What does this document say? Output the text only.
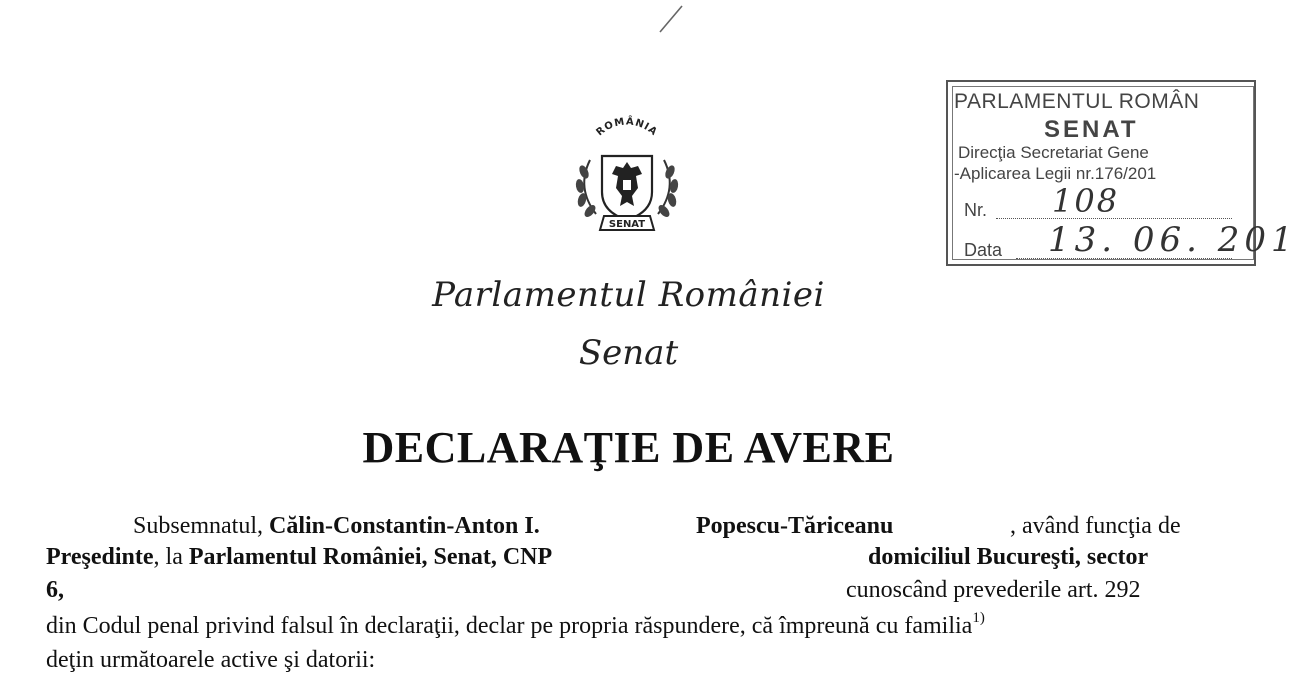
PARLAMENTUL ROMÂN
SENAT
Direcţia Secretariat Gene
-Aplicarea Legii nr.176/201
Nr. 108
Data 13. 06. 201
ROMÂNIA
SENAT
Parlamentul României
Senat
DECLARAŢIE DE AVERE
Subsemnatul, Călin-Constantin-Anton I.	Popescu-Tăriceanu	, având funcţia de
Preşedinte, la Parlamentul României, Senat, CNP	domiciliul Bucureşti, sector
6,	cunoscând prevederile art. 292
din Codul penal privind falsul în declaraţii, declar pe propria răspundere, că împreună cu familia$^{1)}$
deţin următoarele active şi datorii:
